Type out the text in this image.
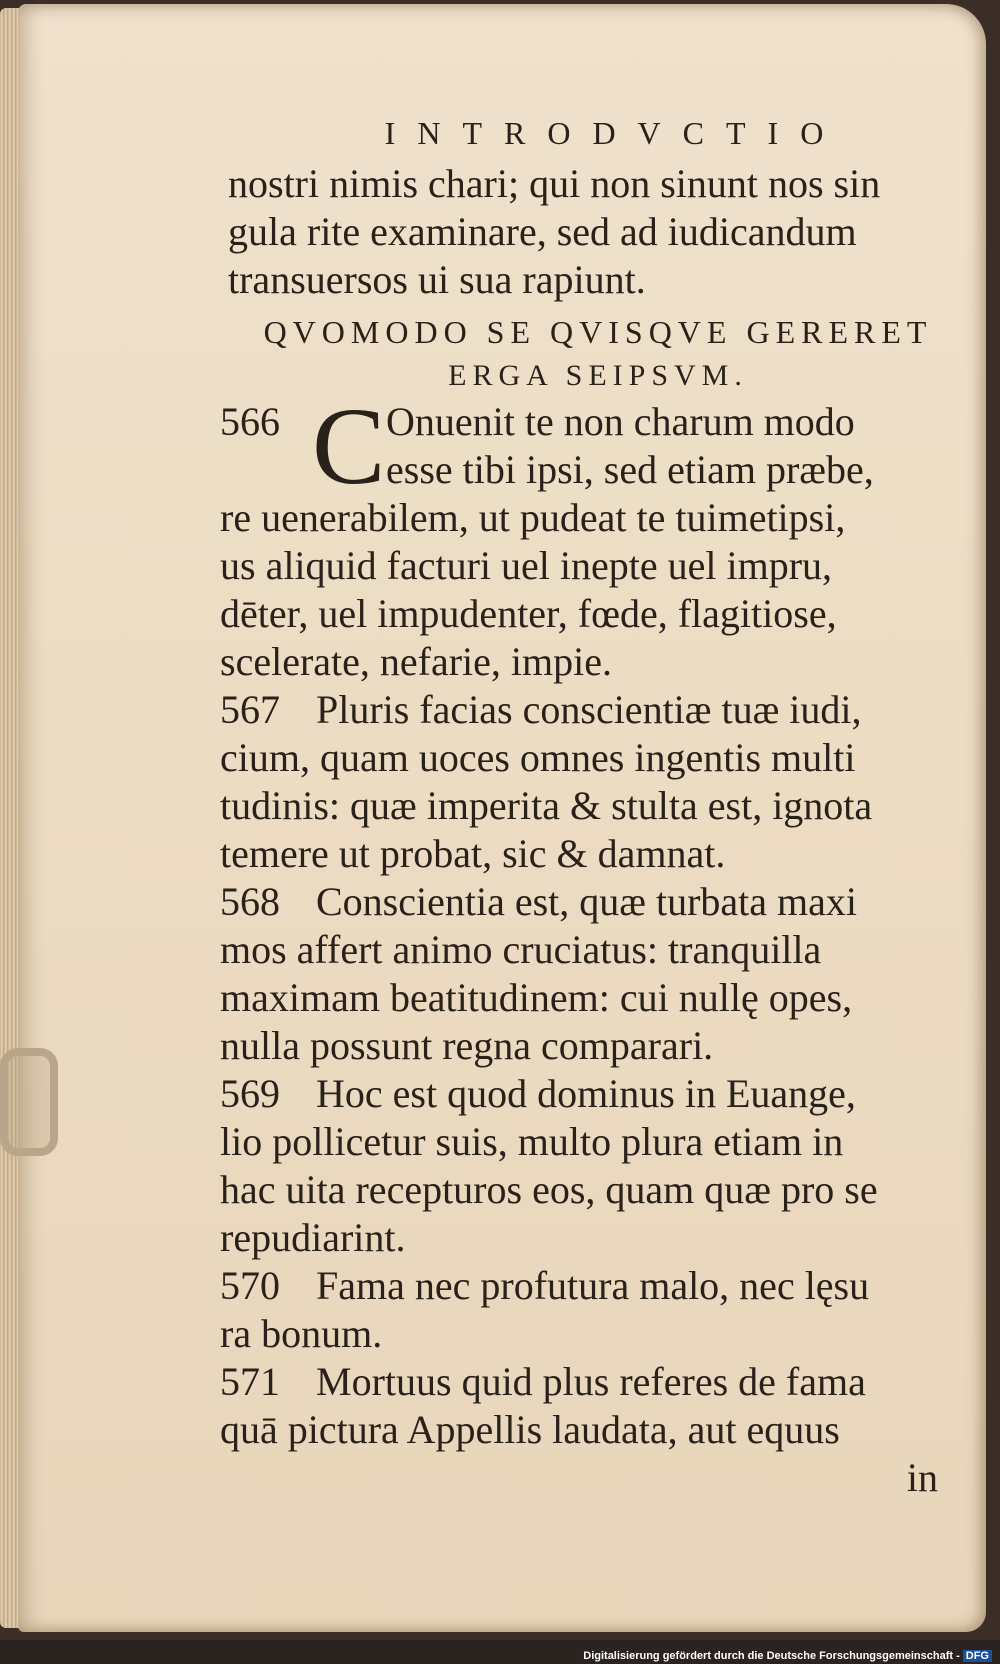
INTRODVCTIO

nostri nimis chari; qui non sinunt nos sin

gula rite examinare, sed ad iudicandum

transuersos ui sua rapiunt.

QVOMODO SE QVISQVE GERERET
ERGA SEIPSVM.
566 C Onuenit te non charum modo
esse tibi ipsi, sed etiam præbe,

re uenerabilem, ut pudeat te tuimetipsi,

us aliquid facturi uel inepte uel impru,

dēter, uel impudenter, fœde, flagitiose,

scelerate, nefarie, impie.

567 Pluris facias conscientiæ tuæ iudi,

cium, quam uoces omnes ingentis multi

tudinis: quæ imperita & stulta est, ignota

temere ut probat, sic & damnat.

568 Conscientia est, quæ turbata maxi

mos affert animo cruciatus: tranquilla

maximam beatitudinem: cui nullę opes,

nulla possunt regna comparari.

569 Hoc est quod dominus in Euange,

lio pollicetur suis, multo plura etiam in

hac uita recepturos eos, quam quæ pro se

repudiarint.

570 Fama nec profutura malo, nec lęsu

ra bonum.

571 Mortuus quid plus referes de fama

quā pictura Appellis laudata, aut equus

in

Digitalisierung gefördert durch die Deutsche Forschungsgemeinschaft - DFG
